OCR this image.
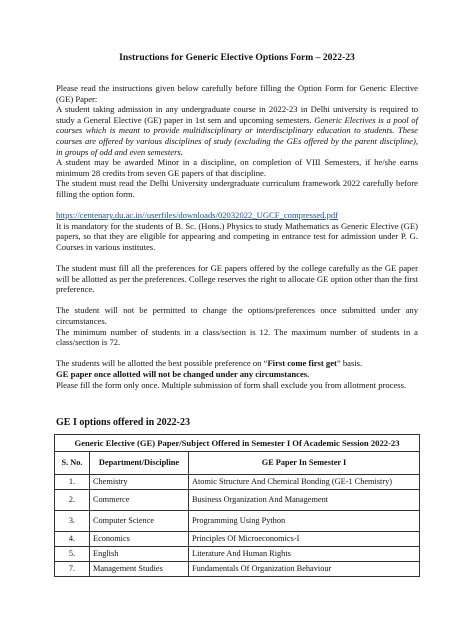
Instructions for Generic Elective Options Form – 2022-23

Please read the instructions given below carefully before filling the Option Form for Generic Elective (GE) Paper:

A student taking admission in any undergraduate course in 2022-23 in Delhi university is required to study a General Elective (GE) paper in 1st sem and upcoming semesters. Generic Electives is a pool of courses which is meant to provide multidisciplinary or interdisciplinary education to students. These courses are offered by various disciplines of study (excluding the GEs offered by the parent discipline), in groups of odd and even semesters.

A student may be awarded Minor in a discipline, on completion of VIII Semesters, if he/she earns minimum 28 credits from seven GE papers of that discipline.

The student must read the Delhi University undergraduate curriculum framework 2022 carefully before filling the option form.

https://centenary.du.ac.in//userfiles/downloads/02032022_UGCF_compressed.pdf

It is mandatory for the students of B. Sc. (Hons.) Physics to study Mathematics as Generic Elective (GE) papers, so that they are eligible for appearing and competing in entrance test for admission under P. G. Courses in various institutes.

The student must fill all the preferences for GE papers offered by the college carefully as the GE paper will be allotted as per the preferences. College reserves the right to allocate GE option other than the first preference.

The student will not be permitted to change the options/preferences once submitted under any circumstances.

The minimum number of students in a class/section is 12. The maximum number of students in a class/section is 72.

The students will be allotted the best possible preference on “First come first get” basis.

GE paper once allotted will not be changed under any circumstances.

Please fill the form only once. Multiple submission of form shall exclude you from allotment process.

GE I options offered in 2022-23
Generic Elective (GE) Paper/Subject Offered in Semester I Of Academic Session 2022-23		
S. No.	Department/Discipline	GE Paper In Semester I
1.	Chemistry	Atomic Structure And Chemical Bonding (GE-1 Chemistry)
2.	Commerce	Business Organization And Management
3.	Computer Science	Programming Using Python
4.	Economics	Principles Of Microeconomics-I
5.	English	Literature And Human Rights
7.	Management Studies	Fundamentals Of Organization Behaviour
